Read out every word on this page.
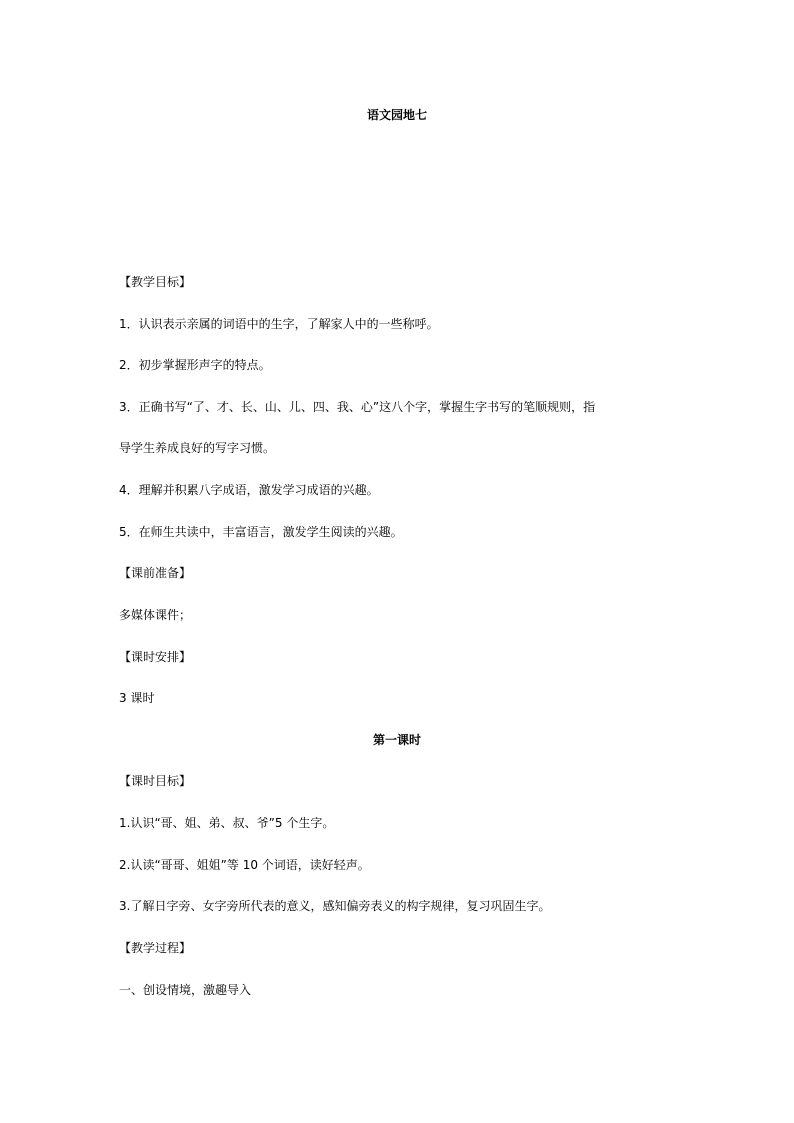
语文园地七
【教学目标】
1．认识表示亲属的词语中的生字，了解家人中的一些称呼。
2．初步掌握形声字的特点。
3．正确书写“了、才、长、山、儿、四、我、心”这八个字，掌握生字书写的笔顺规则，指
导学生养成良好的写字习惯。
4．理解并积累八字成语，激发学习成语的兴趣。
5．在师生共读中，丰富语言，激发学生阅读的兴趣。
【课前准备】
多媒体课件；
【课时安排】
3 课时
第一课时
【课时目标】
1.认识“哥、姐、弟、叔、爷”5 个生字。
2.认读“哥哥、姐姐”等 10 个词语，读好轻声。
3.了解日字旁、女字旁所代表的意义，感知偏旁表义的构字规律，复习巩固生字。
【教学过程】
一、创设情境，激趣导入
